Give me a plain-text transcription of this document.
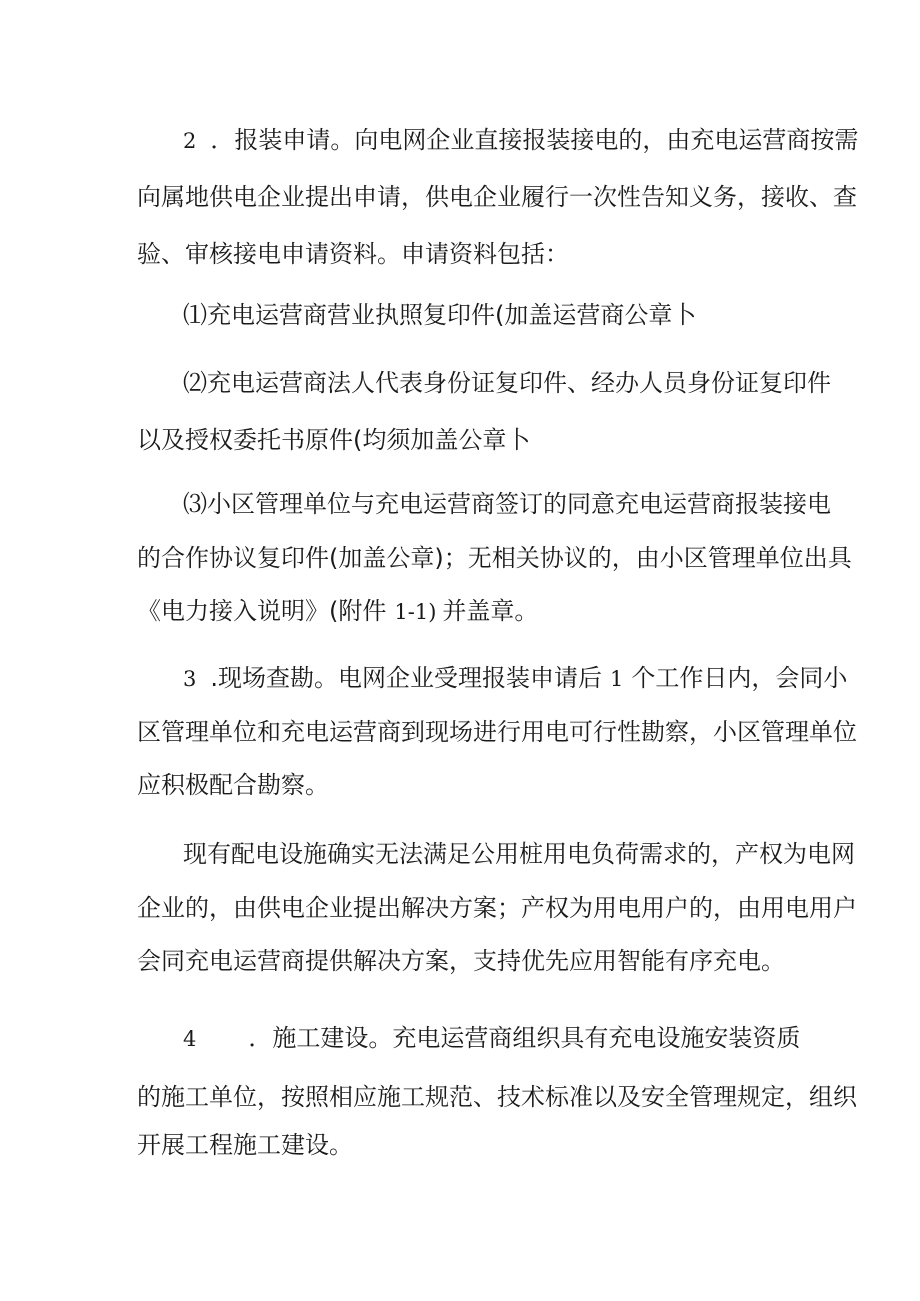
2 ．报装申请。向电网企业直接报装接电的，由充电运营商按需
向属地供电企业提出申请，供电企业履行一次性告知义务，接收、查
验、审核接电申请资料。申请资料包括：
⑴充电运营商营业执照复印件(加盖运营商公章卜
⑵充电运营商法人代表身份证复印件、经办人员身份证复印件
以及授权委托书原件(均须加盖公章卜
⑶小区管理单位与充电运营商签订的同意充电运营商报装接电
的合作协议复印件(加盖公章)；无相关协议的，由小区管理单位出具
《电力接入说明》(附件 1-1) 并盖章。
3 .现场查勘。电网企业受理报装申请后 1 个工作日内，会同小
区管理单位和充电运营商到现场进行用电可行性勘察，小区管理单位
应积极配合勘察。
现有配电设施确实无法满足公用桩用电负荷需求的，产权为电网
企业的，由供电企业提出解决方案；产权为用电用户的，由用电用户
会同充电运营商提供解决方案，支持优先应用智能有序充电。
4 ．施工建设。充电运营商组织具有充电设施安装资质
的施工单位，按照相应施工规范、技术标准以及安全管理规定，组织
开展工程施工建设。
